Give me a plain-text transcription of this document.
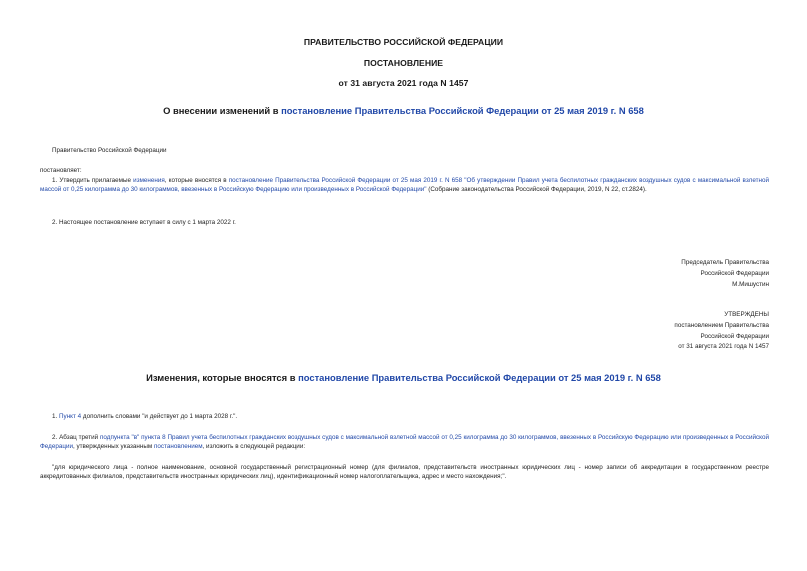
ПРАВИТЕЛЬСТВО РОССИЙСКОЙ ФЕДЕРАЦИИ
ПОСТАНОВЛЕНИЕ
от 31 августа 2021 года N 1457
О внесении изменений в постановление Правительства Российской Федерации от 25 мая 2019 г. N 658
Правительство Российской Федерации
постановляет:
1. Утвердить прилагаемые изменения, которые вносятся в постановление Правительства Российской Федерации от 25 мая 2019 г. N 658 "Об утверждении Правил учета беспилотных гражданских воздушных судов с максимальной взлетной массой от 0,25 килограмма до 30 килограммов, ввезенных в Российскую Федерацию или произведенных в Российской Федерации" (Собрание законодательства Российской Федерации, 2019, N 22, ст.2824).
2. Настоящее постановление вступает в силу с 1 марта 2022 г.
Председатель Правительства
Российской Федерации
М.Мишустин
УТВЕРЖДЕНЫ
постановлением Правительства
Российской Федерации
от 31 августа 2021 года N 1457
Изменения, которые вносятся в постановление Правительства Российской Федерации от 25 мая 2019 г. N 658
1. Пункт 4 дополнить словами "и действует до 1 марта 2028 г.".
2. Абзац третий подпункта "в" пункта 8 Правил учета беспилотных гражданских воздушных судов с максимальной взлетной массой от 0,25 килограмма до 30 килограммов, ввезенных в Российскую Федерацию или произведенных в Российской Федерации, утвержденных указанным постановлением, изложить в следующей редакции:
"для юридического лица - полное наименование, основной государственный регистрационный номер (для филиалов, представительств иностранных юридических лиц - номер записи об аккредитации в государственном реестре аккредитованных филиалов, представительств иностранных юридических лиц), идентификационный номер налогоплательщика, адрес и место нахождения;".
